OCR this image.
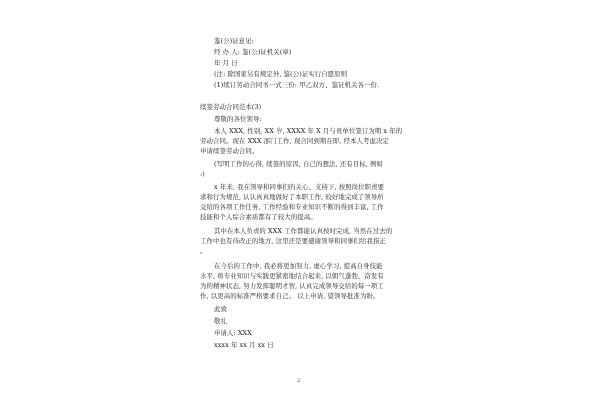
鉴(公)证意见:
经 办 人: 鉴(公)证机关(章)
年 月 日
(注: 除国家另有规定外, 鉴(公)证实行自愿原则
(1)续订劳动合同书一式三份: 甲乙双方、鉴证机关各一份.
续签劳动合同范本(3)
尊敬的各位领导:
本人 XXX, 性别, XX 岁, XXXX 年 X 月与贵单位签订为期 x 年的
劳动合同。现在 XXX 部门工作, 现合同到期在即, 经本人考虑决定
申请续签劳动合同。
(写明工作的心得, 续签的原因, 自己的想法, 还有目标, 例如
:)
x 年来, 我在领导和同事们的关心、支持下, 按照岗位职责要
求和行为规范, 认认真真地做好了本职工作, 较好地完成了领导所
交给的各项工作任务, 工作经验和专业知识不断的得到丰富, 工作
技能和个人综合素质都有了较大的提高。
其中在本人负责的 XXX 工作都能认真按时完成, 当然在过去的
工作中也有待改正的地方, 这里还是要感谢领导和同事们给我指正
。
在今后的工作中, 我必将更加努力, 虚心学习, 提高自身技能
水平, 将专业知识与实践更紧密地结合起来, 以朝气蓬勃、奋发有
为的精神状态, 努力发挥聪明才智, 认真完成领导交给的每一项工
作, 以更高的标准严格要求自己。 以上申请, 望领导批准为盼。
此致
敬礼
申请人: XXX
xxxx 年 xx 月 xx 日
2
